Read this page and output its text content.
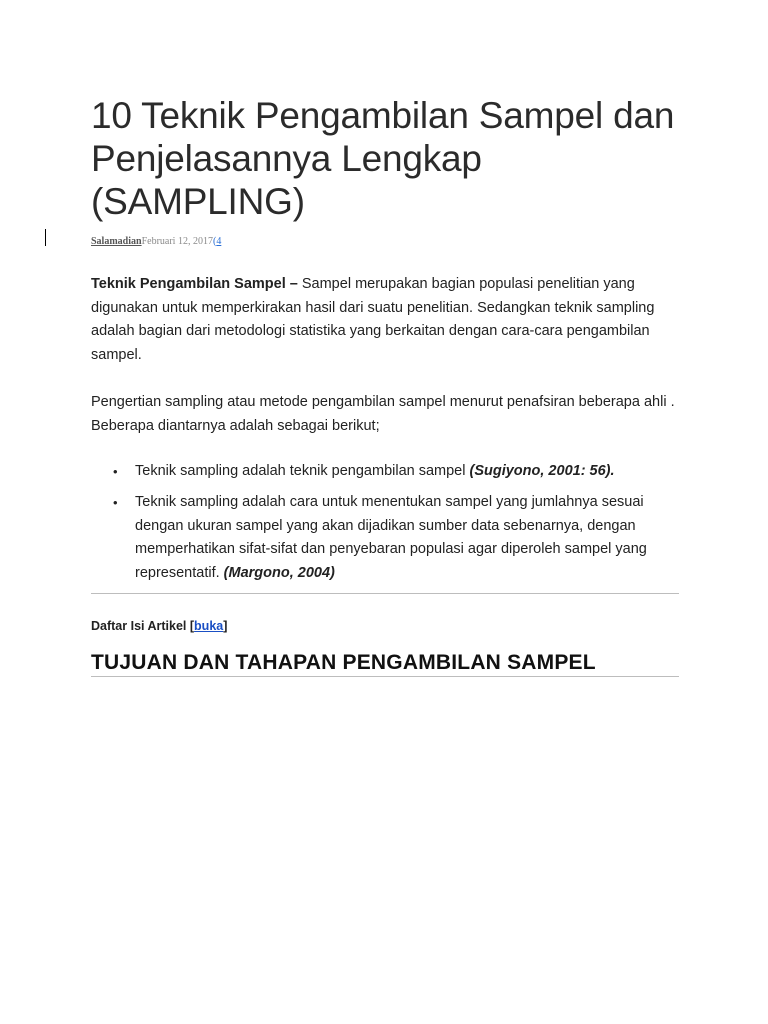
10 Teknik Pengambilan Sampel dan Penjelasannya Lengkap (SAMPLING)
SalamadianFebruari 12, 2017(4

Teknik Pengambilan Sampel – Sampel merupakan bagian populasi penelitian yang digunakan untuk memperkirakan hasil dari suatu penelitian. Sedangkan teknik sampling adalah bagian dari metodologi statistika yang berkaitan dengan cara-cara pengambilan sampel.

Pengertian sampling atau metode pengambilan sampel menurut penafsiran beberapa ahli . Beberapa diantarnya adalah sebagai berikut;

• Teknik sampling adalah teknik pengambilan sampel (Sugiyono, 2001: 56).
• Teknik sampling adalah cara untuk menentukan sampel yang jumlahnya sesuai dengan ukuran sampel yang akan dijadikan sumber data sebenarnya, dengan memperhatikan sifat-sifat dan penyebaran populasi agar diperoleh sampel yang representatif. (Margono, 2004)
Daftar Isi Artikel [buka]
TUJUAN DAN TAHAPAN PENGAMBILAN SAMPEL
